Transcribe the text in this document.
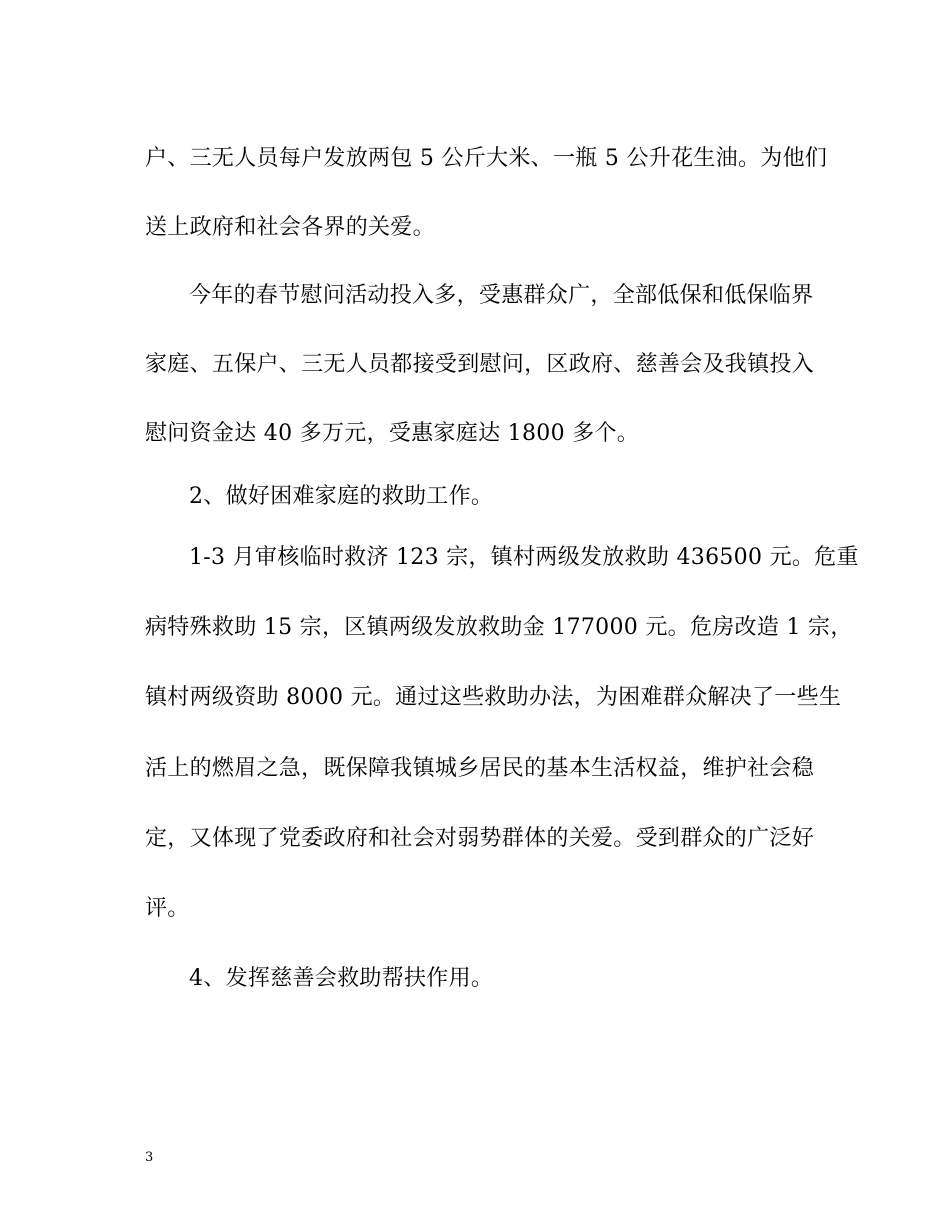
户、三无人员每户发放两包 5 公斤大米、一瓶 5 公升花生油。为他们
送上政府和社会各界的关爱。
今年的春节慰问活动投入多，受惠群众广，全部低保和低保临界
家庭、五保户、三无人员都接受到慰问，区政府、慈善会及我镇投入
慰问资金达 40 多万元，受惠家庭达 1800 多个。
2、做好困难家庭的救助工作。
1-3 月审核临时救济 123 宗，镇村两级发放救助 436500 元。危重
病特殊救助 15 宗，区镇两级发放救助金 177000 元。危房改造 1 宗，
镇村两级资助 8000 元。通过这些救助办法，为困难群众解决了一些生
活上的燃眉之急，既保障我镇城乡居民的基本生活权益，维护社会稳
定，又体现了党委政府和社会对弱势群体的关爱。受到群众的广泛好
评。
4、发挥慈善会救助帮扶作用。
3
